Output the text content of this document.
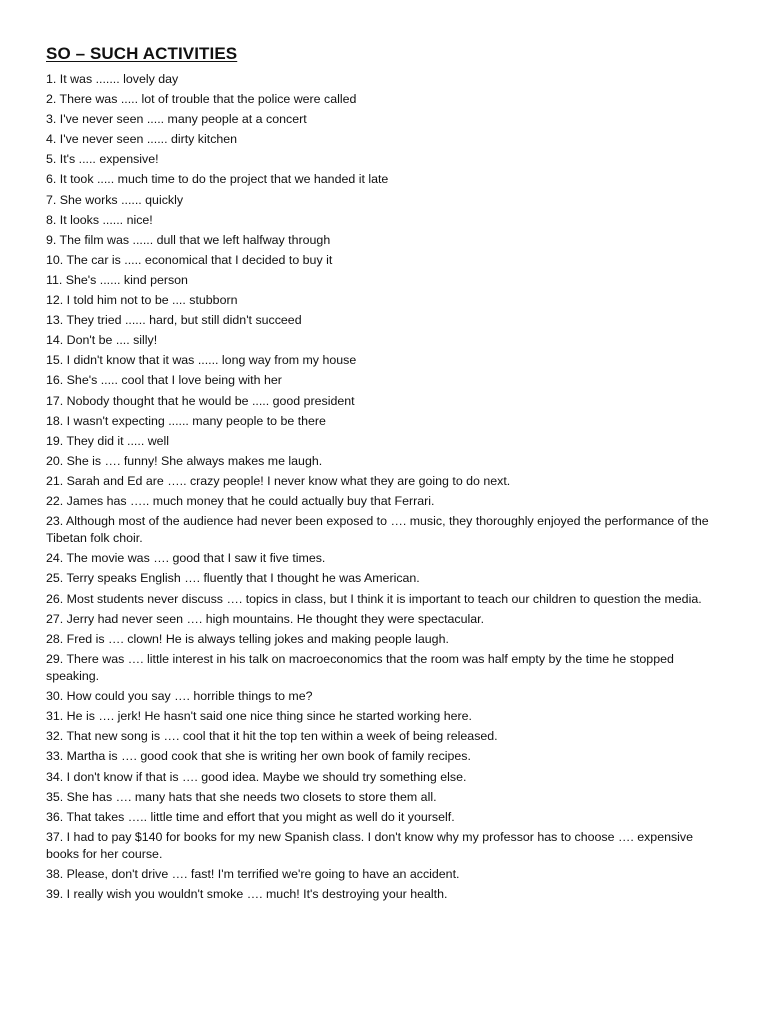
SO – SUCH ACTIVITIES
1. It was ....... lovely day
2. There was ..... lot of trouble that the police were called
3. I've never seen ..... many people at a concert
4. I've never seen ...... dirty kitchen
5. It's ..... expensive!
6. It took ..... much time to do the project that we handed it late
7. She works ...... quickly
8. It looks ...... nice!
9. The film was ...... dull that we left halfway through
10. The car is ..... economical that I decided to buy it
11. She's ...... kind person
12. I told him not to be .... stubborn
13. They tried ...... hard, but still didn't succeed
14. Don't be .... silly!
15. I didn't know that it was ...... long way from my house
16. She's ..... cool that I love being with her
17. Nobody thought that he would be ..... good president
18. I wasn't expecting ...... many people to be there
19. They did it ..... well
20. She is …. funny! She always makes me laugh.
21. Sarah and Ed are ….. crazy people! I never know what they are going to do next.
22. James has ….. much money that he could actually buy that Ferrari.
23. Although most of the audience had never been exposed to …. music, they thoroughly enjoyed the performance of the Tibetan folk choir.
24. The movie was …. good that I saw it five times.
25. Terry speaks English …. fluently that I thought he was American.
26. Most students never discuss …. topics in class, but I think it is important to teach our children to question the media.
27. Jerry had never seen …. high mountains. He thought they were spectacular.
28. Fred is …. clown! He is always telling jokes and making people laugh.
29. There was …. little interest in his talk on macroeconomics that the room was half empty by the time he stopped speaking.
30. How could you say …. horrible things to me?
31. He is …. jerk! He hasn't said one nice thing since he started working here.
32. That new song is …. cool that it hit the top ten within a week of being released.
33. Martha is …. good cook that she is writing her own book of family recipes.
34. I don't know if that is …. good idea. Maybe we should try something else.
35. She has …. many hats that she needs two closets to store them all.
36. That takes ….. little time and effort that you might as well do it yourself.
37. I had to pay $140 for books for my new Spanish class. I don't know why my professor has to choose …. expensive books for her course.
38. Please, don't drive …. fast! I'm terrified we're going to have an accident.
39. I really wish you wouldn't smoke …. much! It's destroying your health.
